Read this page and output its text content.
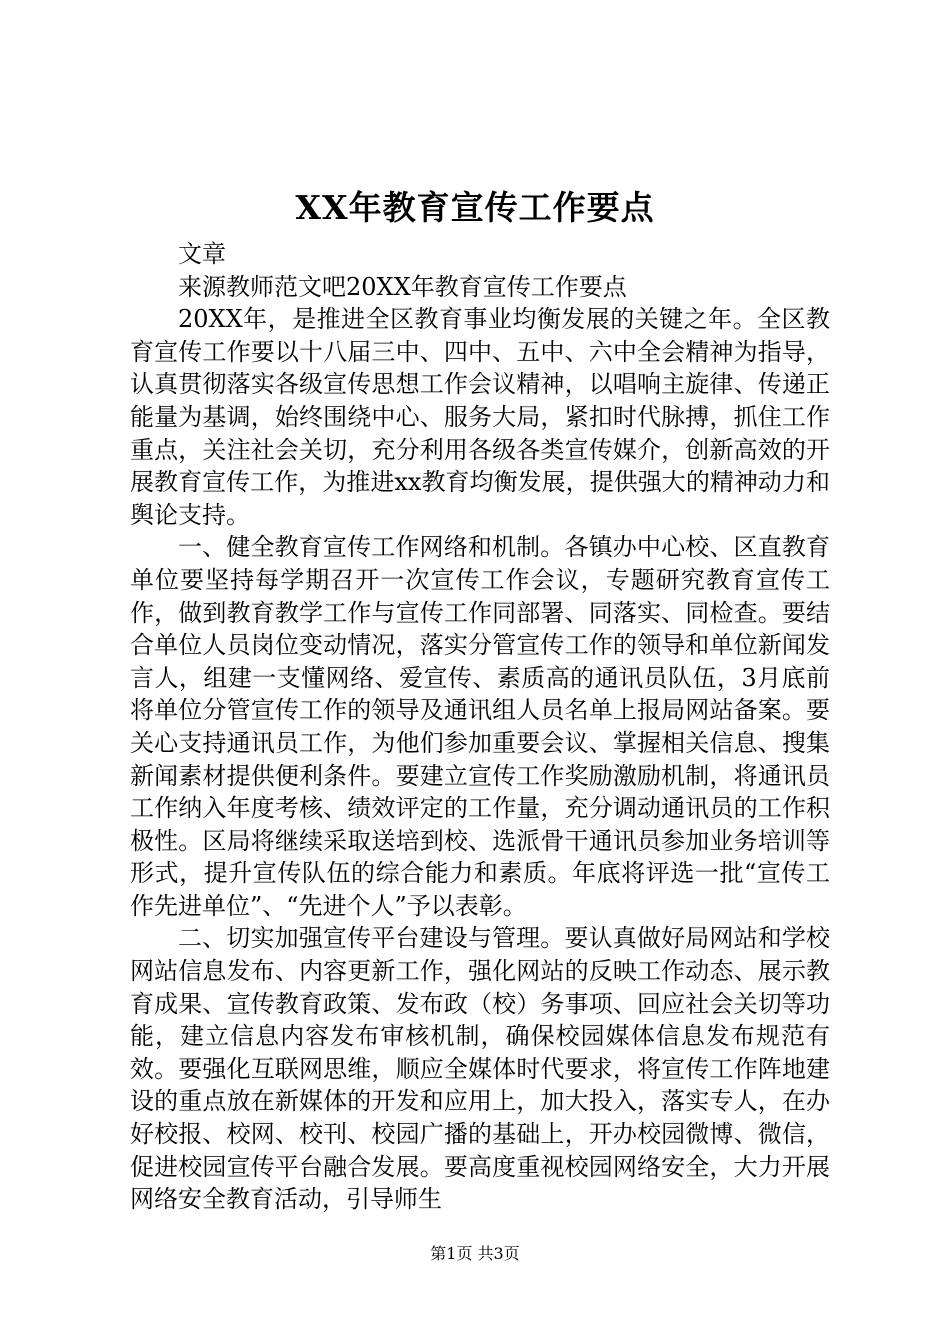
XX年教育宣传工作要点

文章

来源教师范文吧20XX年教育宣传工作要点

20XX年，是推进全区教育事业均衡发展的关键之年。全区教育宣传工作要以十八届三中、四中、五中、六中全会精神为指导，认真贯彻落实各级宣传思想工作会议精神，以唱响主旋律、传递正能量为基调，始终围绕中心、服务大局，紧扣时代脉搏，抓住工作重点，关注社会关切，充分利用各级各类宣传媒介，创新高效的开展教育宣传工作，为推进xx教育均衡发展，提供强大的精神动力和舆论支持。

一、健全教育宣传工作网络和机制。各镇办中心校、区直教育单位要坚持每学期召开一次宣传工作会议，专题研究教育宣传工作，做到教育教学工作与宣传工作同部署、同落实、同检查。要结合单位人员岗位变动情况，落实分管宣传工作的领导和单位新闻发言人，组建一支懂网络、爱宣传、素质高的通讯员队伍，3月底前将单位分管宣传工作的领导及通讯组人员名单上报局网站备案。要关心支持通讯员工作，为他们参加重要会议、掌握相关信息、搜集新闻素材提供便利条件。要建立宣传工作奖励激励机制，将通讯员工作纳入年度考核、绩效评定的工作量，充分调动通讯员的工作积极性。区局将继续采取送培到校、选派骨干通讯员参加业务培训等形式，提升宣传队伍的综合能力和素质。年底将评选一批“宣传工作先进单位”、“先进个人”予以表彰。

二、切实加强宣传平台建设与管理。要认真做好局网站和学校网站信息发布、内容更新工作，强化网站的反映工作动态、展示教育成果、宣传教育政策、发布政（校）务事项、回应社会关切等功能，建立信息内容发布审核机制，确保校园媒体信息发布规范有效。要强化互联网思维，顺应全媒体时代要求，将宣传工作阵地建设的重点放在新媒体的开发和应用上，加大投入，落实专人，在办好校报、校网、校刊、校园广播的基础上，开办校园微博、微信，促进校园宣传平台融合发展。要高度重视校园网络安全，大力开展网络安全教育活动，引导师生

第1页 共3页
